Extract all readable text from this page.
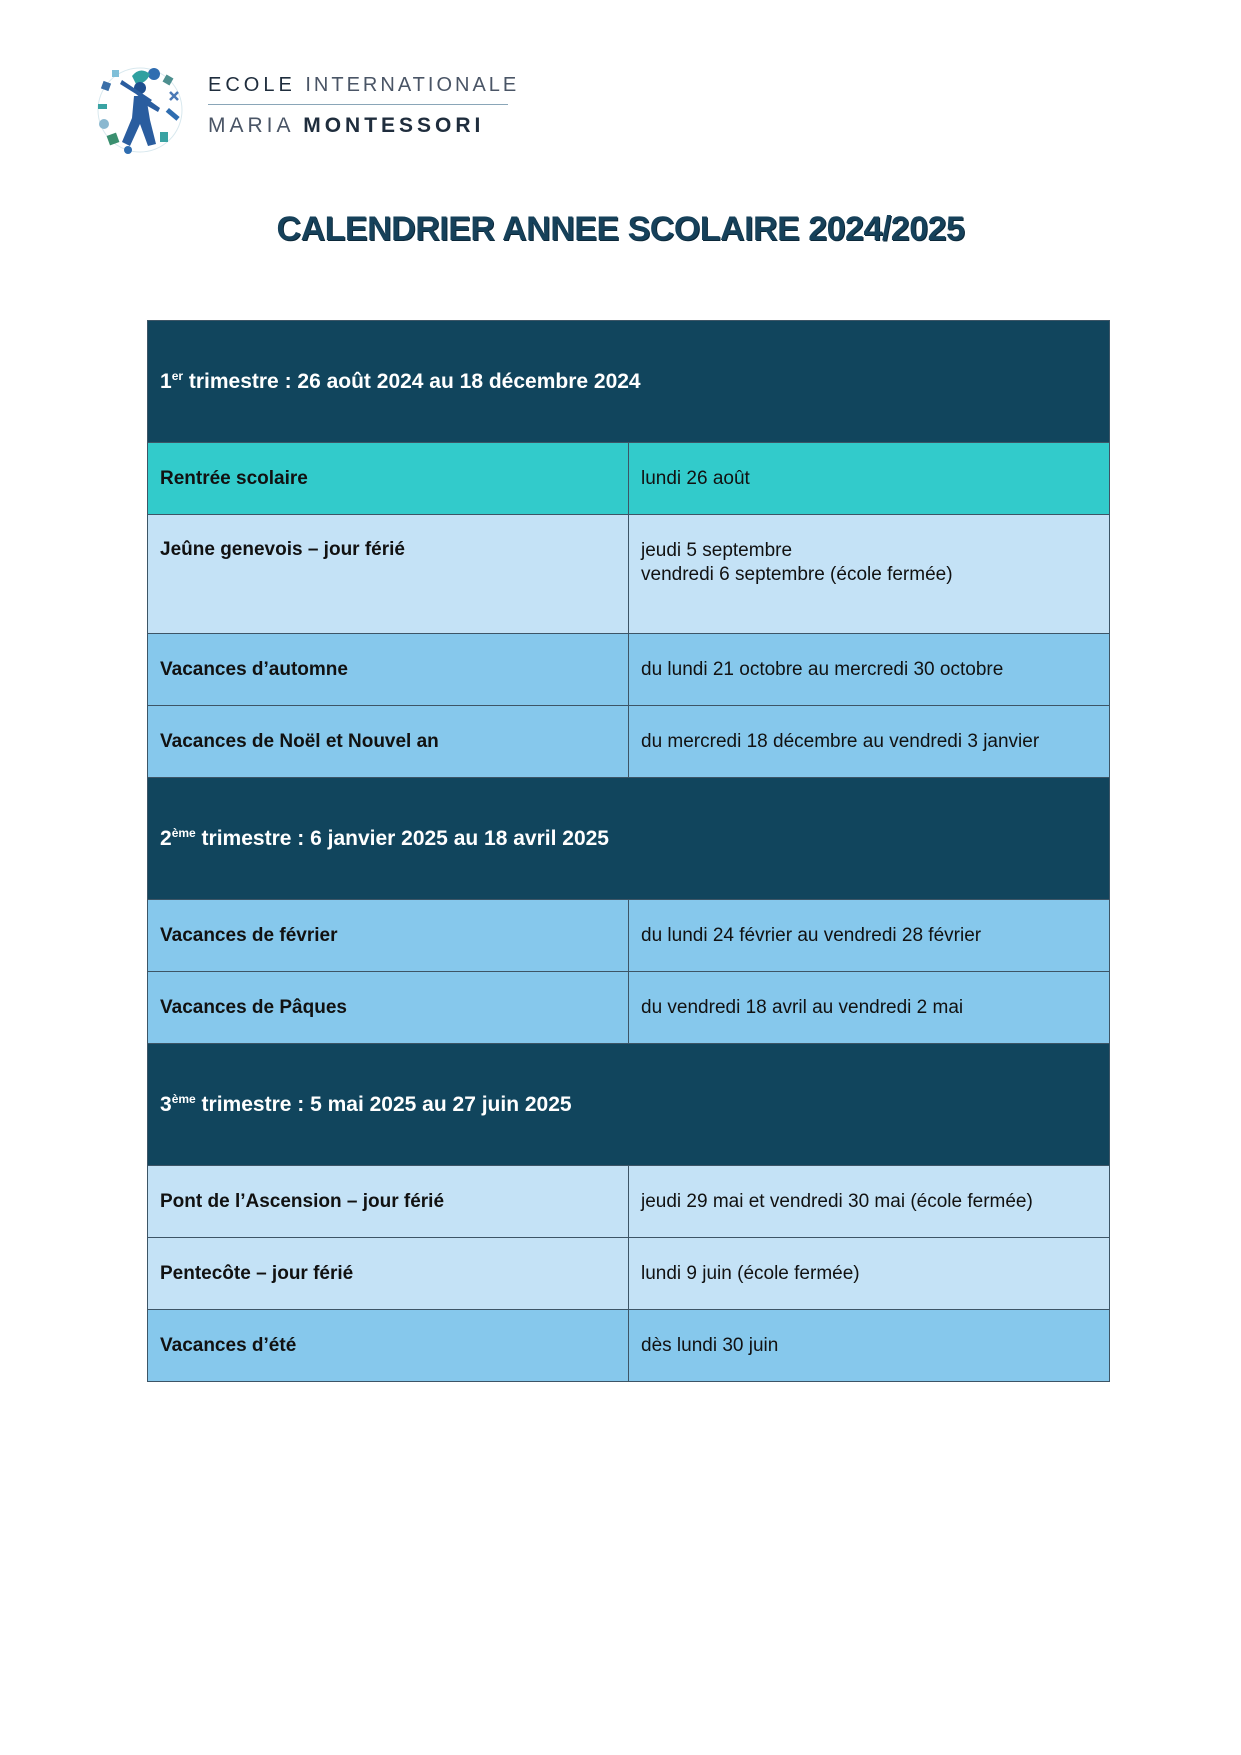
ECOLE INTERNATIONALE
MARIA MONTESSORI
CALENDRIER ANNEE SCOLAIRE 2024/2025
1er trimestre : 26 août 2024 au 18 décembre 2024	
Rentrée scolaire	lundi 26 août
Jeûne genevois – jour férié	jeudi 5 septembre
vendredi 6 septembre (école fermée)

Vacances d’automne	du lundi 21 octobre au mercredi 30 octobre
Vacances de Noël et Nouvel an	du mercredi 18 décembre au vendredi 3 janvier
2ème trimestre : 6 janvier 2025 au 18 avril 2025	
Vacances de février	du lundi 24 février au vendredi 28 février
Vacances de Pâques	du vendredi 18 avril au vendredi 2 mai
3ème trimestre : 5 mai 2025 au 27 juin 2025	
Pont de l’Ascension – jour férié	jeudi 29 mai et vendredi 30 mai (école fermée)
Pentecôte – jour férié	lundi 9 juin (école fermée)
Vacances d’été	dès lundi 30 juin
